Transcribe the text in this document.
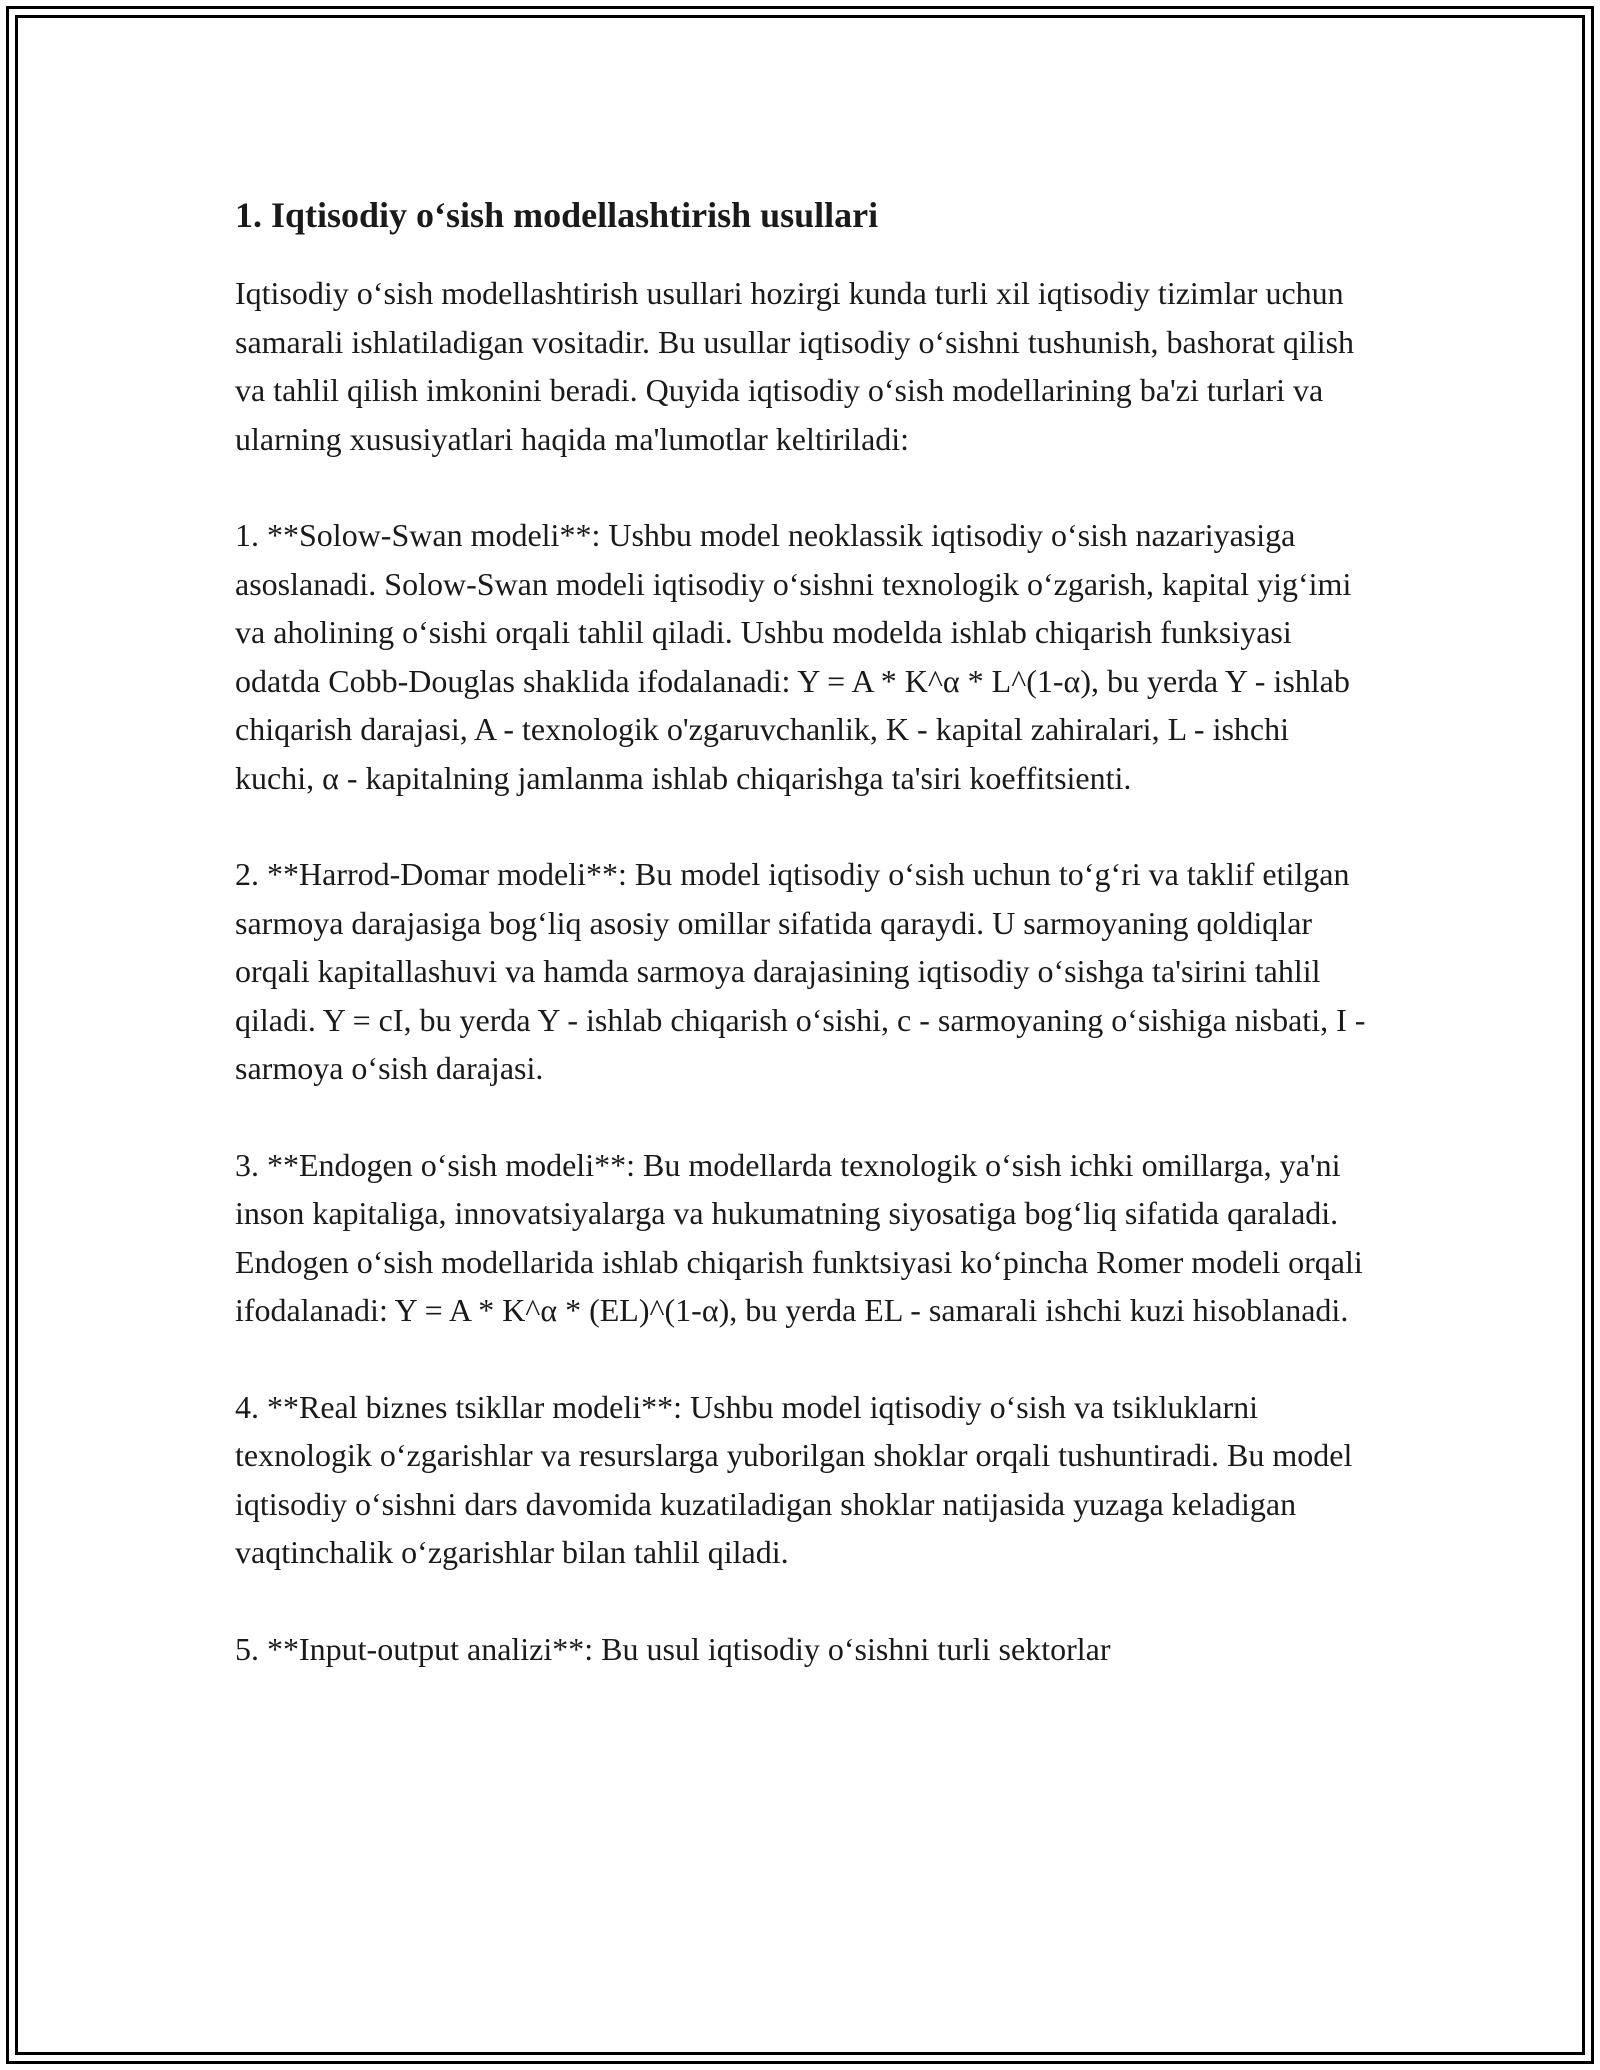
1. Iqtisodiy o‘sish modellashtirish usullari

Iqtisodiy o‘sish modellashtirish usullari hozirgi kunda turli xil iqtisodiy tizimlar uchun samarali ishlatiladigan vositadir. Bu usullar iqtisodiy o‘sishni tushunish, bashorat qilish va tahlil qilish imkonini beradi. Quyida iqtisodiy o‘sish modellarining ba'zi turlari va ularning xususiyatlari haqida ma'lumotlar keltiriladi:

1. **Solow-Swan modeli**: Ushbu model neoklassik iqtisodiy o‘sish nazariyasiga asoslanadi. Solow-Swan modeli iqtisodiy o‘sishni texnologik o‘zgarish, kapital yig‘imi va aholining o‘sishi orqali tahlil qiladi. Ushbu modelda ishlab chiqarish funksiyasi odatda Cobb-Douglas shaklida ifodalanadi: Y = A * K^α * L^(1-α), bu yerda Y - ishlab chiqarish darajasi, A - texnologik o'zgaruvchanlik, K - kapital zahiralari, L - ishchi kuchi, α - kapitalning jamlanma ishlab chiqarishga ta'siri koeffitsienti.

2. **Harrod-Domar modeli**: Bu model iqtisodiy o‘sish uchun to‘g‘ri va taklif etilgan sarmoya darajasiga bog‘liq asosiy omillar sifatida qaraydi. U sarmoyaning qoldiqlar orqali kapitallashuvi va hamda sarmoya darajasining iqtisodiy o‘sishga ta'sirini tahlil qiladi. Y = cI, bu yerda Y - ishlab chiqarish o‘sishi, c - sarmoyaning o‘sishiga nisbati, I - sarmoya o‘sish darajasi.

3. **Endogen o‘sish modeli**: Bu modellarda texnologik o‘sish ichki omillarga, ya'ni inson kapitaliga, innovatsiyalarga va hukumatning siyosatiga bog‘liq sifatida qaraladi. Endogen o‘sish modellarida ishlab chiqarish funktsiyasi ko‘pincha Romer modeli orqali ifodalanadi: Y = A * K^α * (EL)^(1-α), bu yerda EL - samarali ishchi kuzi hisoblanadi.

4. **Real biznes tsikllar modeli**: Ushbu model iqtisodiy o‘sish va tsikluklarni texnologik o‘zgarishlar va resurslarga yuborilgan shoklar orqali tushuntiradi. Bu model iqtisodiy o‘sishni dars davomida kuzatiladigan shoklar natijasida yuzaga keladigan vaqtinchalik o‘zgarishlar bilan tahlil qiladi.

5. **Input-output analizi**: Bu usul iqtisodiy o‘sishni turli sektorlar
